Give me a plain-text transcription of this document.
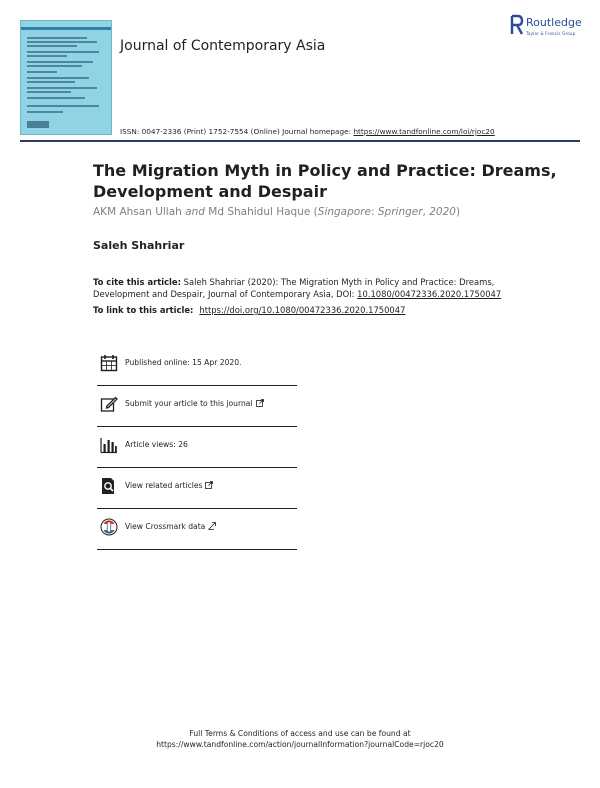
Journal of Contemporary Asia
Routledge
Taylor & Francis Group
ISSN: 0047-2336 (Print) 1752-7554 (Online) Journal homepage: https://www.tandfonline.com/loi/rjoc20
The Migration Myth in Policy and Practice: Dreams, Development and Despair
AKM Ahsan Ullah and Md Shahidul Haque (Singapore: Springer, 2020)
Saleh Shahriar
To cite this article: Saleh Shahriar (2020): The Migration Myth in Policy and Practice: Dreams, Development and Despair, Journal of Contemporary Asia, DOI: 10.1080/00472336.2020.1750047
To link to this article: https://doi.org/10.1080/00472336.2020.1750047
Published online: 15 Apr 2020.
Submit your article to this journal
Article views: 26
View related articles
View Crossmark data
Full Terms & Conditions of access and use can be found at
https://www.tandfonline.com/action/journalInformation?journalCode=rjoc20
